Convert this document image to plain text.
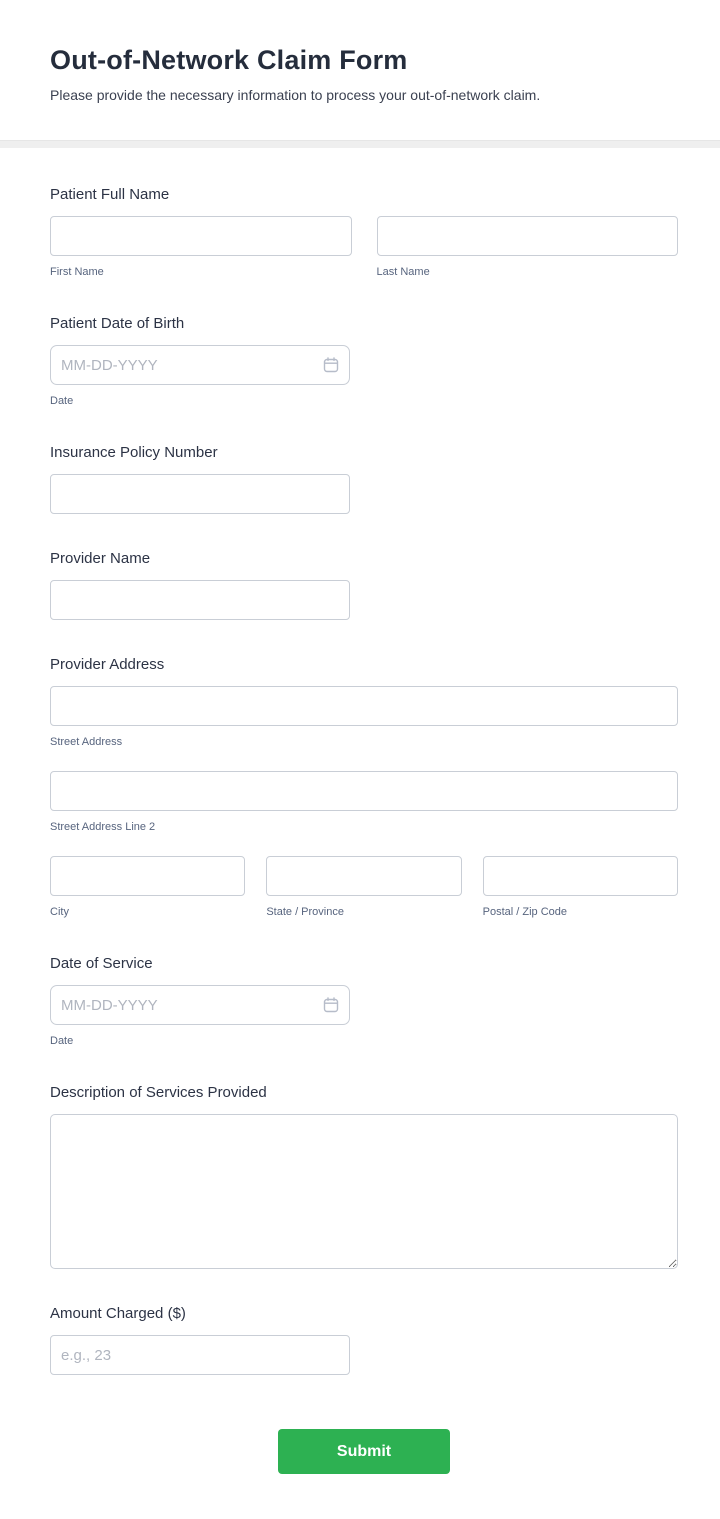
Out-of-Network Claim Form

Please provide the necessary information to process your out-of-network claim.

Patient Full Name
First Name	Last Name
Patient Date of Birth
MM-DD-YYYY
Date
Insurance Policy Number
Provider Name
Provider Address
Street Address
Street Address Line 2
City	State / Province	Postal / Zip Code
Date of Service
MM-DD-YYYY
Date
Description of Services Provided
Amount Charged ($)
e.g., 23
Submit
